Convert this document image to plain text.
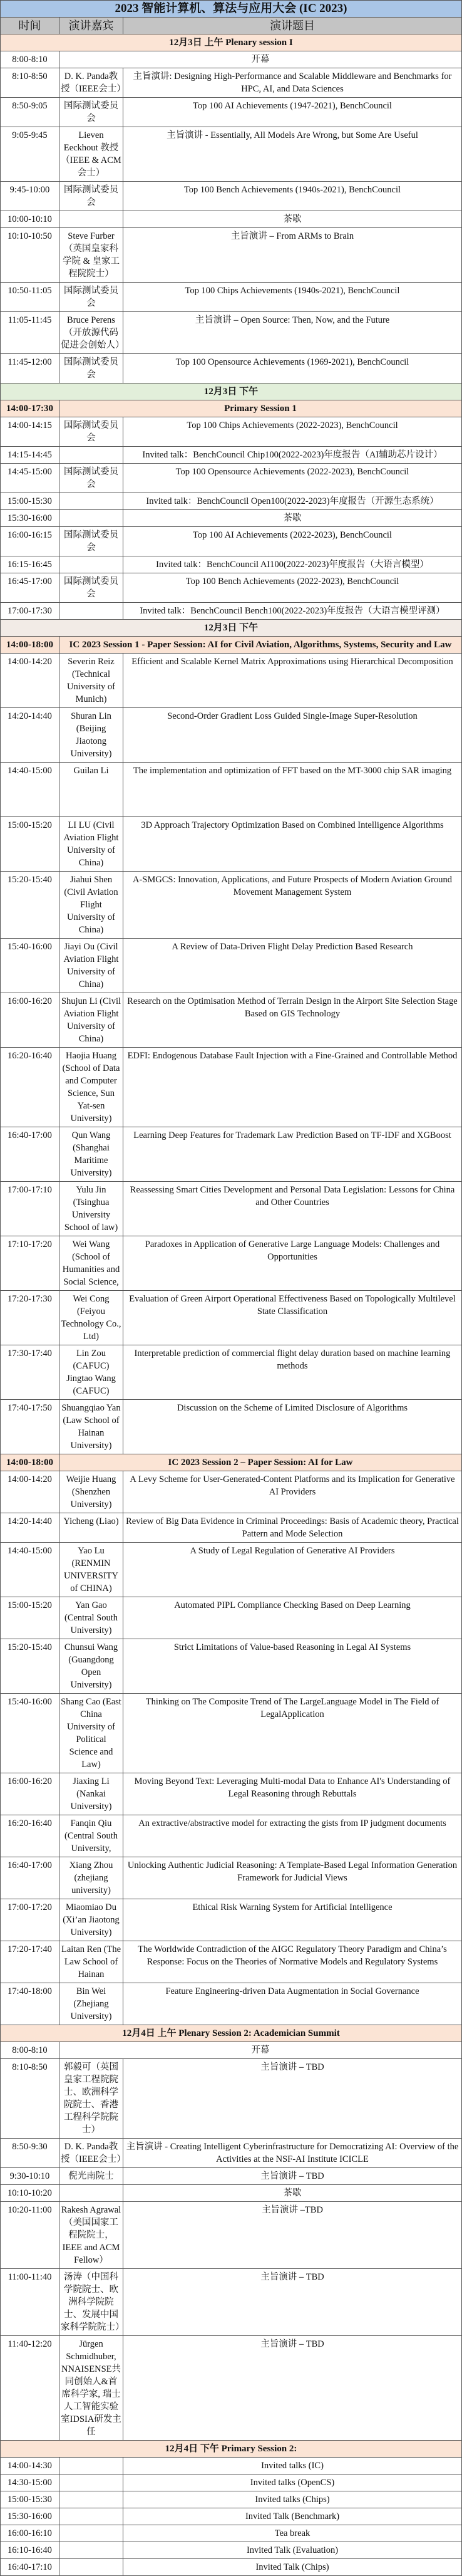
2023 智能计算机、算法与应用大会 (IC 2023)		
时间	演讲嘉宾	演讲题目
12月3日 上午 Plenary session I		
8:00-8:10	开幕	
8:10-8:50	D. K. Panda教授（IEEE会士）	主旨演讲: Designing High-Performance and Scalable Middleware and Benchmarks for HPC, AI, and Data Sciences
8:50-9:05	国际测试委员会	Top 100 AI Achievements (1947-2021), BenchCouncil
9:05-9:45	Lieven Eeckhout 教授（IEEE & ACM会士）	主旨演讲 - Essentially, All Models Are Wrong, but Some Are Useful
9:45-10:00	国际测试委员会	Top 100 Bench Achievements (1940s-2021), BenchCouncil
10:00-10:10		茶歇
10:10-10:50	Steve Furber（英国皇家科学院 & 皇家工程院院士）	主旨演讲 – From ARMs to Brain
10:50-11:05	国际测试委员会	Top 100 Chips Achievements (1940s-2021), BenchCouncil
11:05-11:45	Bruce Perens（开放源代码促进会创始人）	主旨演讲 – Open Source: Then, Now, and the Future
11:45-12:00	国际测试委员会	Top 100 Opensource Achievements (1969-2021), BenchCouncil
12月3日 下午		
14:00-17:30	Primary Session 1	
14:00-14:15	国际测试委员会	Top 100 Chips Achievements (2022-2023), BenchCouncil
14:15-14:45		Invited talk：BenchCouncil Chip100(2022-2023)年度报告（AI辅助芯片设计）
14:45-15:00	国际测试委员会	Top 100 Opensource Achievements (2022-2023), BenchCouncil
15:00-15:30		Invited talk：BenchCouncil Open100(2022-2023)年度报告（开源生态系统）
15:30-16:00		茶歇
16:00-16:15	国际测试委员会	Top 100 AI Achievements (2022-2023), BenchCouncil
16:15-16:45		Invited talk：BenchCouncil AI100(2022-2023)年度报告（大语言模型）
16:45-17:00	国际测试委员会	Top 100 Bench Achievements (2022-2023), BenchCouncil
17:00-17:30		Invited talk：BenchCouncil Bench100(2022-2023)年度报告（大语言模型评测）
12月3日 下午		
14:00-18:00	IC 2023 Session 1 - Paper Session: AI for Civil Aviation, Algorithms, Systems, Security and Law	
14:00-14:20	Severin Reiz (Technical University of Munich)	Efficient and Scalable Kernel Matrix Approximations using Hierarchical Decomposition
14:20-14:40	Shuran Lin (Beijing Jiaotong University)	Second-Order Gradient Loss Guided Single-Image Super-Resolution
14:40-15:00	Guilan Li	The implementation and optimization of FFT based on the MT-3000 chip SAR imaging
15:00-15:20	LI LU (Civil Aviation Flight University of China)	3D Approach Trajectory Optimization Based on Combined Intelligence Algorithms
15:20-15:40	Jiahui Shen (Civil Aviation Flight University of China)	A-SMGCS: Innovation, Applications, and Future Prospects of Modern Aviation Ground Movement Management System
15:40-16:00	Jiayi Ou (Civil Aviation Flight University of China)	A Review of Data-Driven Flight Delay Prediction Based Research
16:00-16:20	Shujun Li (Civil Aviation Flight University of China)	Research on the Optimisation Method of Terrain Design in the Airport Site Selection Stage Based on GIS Technology
16:20-16:40	Haojia Huang (School of Data and Computer Science, Sun Yat-sen University)	EDFI: Endogenous Database Fault Injection with a Fine-Grained and Controllable Method
16:40-17:00	Qun Wang (Shanghai Maritime University)	Learning Deep Features for Trademark Law Prediction Based on TF-IDF and XGBoost
17:00-17:10	Yulu Jin (Tsinghua University School of law)	Reassessing Smart Cities Development and Personal Data Legislation: Lessons for China and Other Countries
17:10-17:20	Wei Wang (School of Humanities and Social Science,	Paradoxes in Application of Generative Large Language Models: Challenges and Opportunities
17:20-17:30	Wei Cong (Feiyou Technology Co., Ltd)	Evaluation of Green Airport Operational Effectiveness Based on Topologically Multilevel State Classification
17:30-17:40	Lin Zou (CAFUC) Jingtao Wang (CAFUC)	Interpretable prediction of commercial flight delay duration based on machine learning methods
17:40-17:50	Shuangqiao Yan (Law School of Hainan University)	Discussion on the Scheme of Limited Disclosure of Algorithms
14:00-18:00	IC 2023 Session 2 – Paper Session: AI for Law	
14:00-14:20	Weijie Huang (Shenzhen University)	A Levy Scheme for User-Generated-Content Platforms and its Implication for Generative AI Providers
14:20-14:40	Yicheng (Liao)	Review of Big Data Evidence in Criminal Proceedings: Basis of Academic theory, Practical Pattern and Mode Selection
14:40-15:00	Yao Lu (RENMIN UNIVERSITY of CHINA)	A Study of Legal Regulation of Generative AI Providers
15:00-15:20	Yan Gao (Central South University)	Automated PIPL Compliance Checking Based on Deep Learning
15:20-15:40	Chunsui Wang (Guangdong Open University)	Strict Limitations of Value-based Reasoning in Legal AI Systems
15:40-16:00	Shang Cao (East China University of Political Science and Law)	Thinking on The Composite Trend of The LargeLanguage Model in The Field of LegalApplication
16:00-16:20	Jiaxing Li (Nankai University)	Moving Beyond Text: Leveraging Multi-modal Data to Enhance AI's Understanding of Legal Reasoning through Rebuttals
16:20-16:40	Fanqin Qiu (Central South University,	An extractive/abstractive model for extracting the gists from IP judgment documents
16:40-17:00	Xiang Zhou (zhejiang university)	Unlocking Authentic Judicial Reasoning: A Template-Based Legal Information Generation Framework for Judicial Views
17:00-17:20	Miaomiao Du (Xi’an Jiaotong University)	Ethical Risk Warning System for Artificial Intelligence
17:20-17:40	Laitan Ren (The Law School of Hainan	The Worldwide Contradiction of the AIGC Regulatory Theory Paradigm and China’s Response: Focus on the Theories of Normative Models and Regulatory Systems
17:40-18:00	Bin Wei (Zhejiang University)	Feature Engineering-driven Data Augmentation in Social Governance
12月4日 上午 Plenary Session 2: Academician Summit		
8:00-8:10	开幕	
8:10-8:50	郭毅可（英国皇家工程院院士、欧洲科学院院士、香港工程科学院院士）	主旨演讲 – TBD
8:50-9:30	D. K. Panda教授（IEEE会士）	主旨演讲 - Creating Intelligent Cyberinfrastructure for Democratizing AI: Overview of the Activities at the NSF-AI Institute ICICLE
9:30-10:10	倪光南院士	主旨演讲 – TBD
10:10-10:20		茶歇
10:20-11:00	Rakesh Agrawal（美国国家工程院院士，IEEE and ACM Fellow）	主旨演讲 –TBD
11:00-11:40	汤涛（中国科学院院士、欧洲科学院院士、发展中国家科学院院士）	主旨演讲 – TBD
11:40-12:20	Jürgen Schmidhuber, NNAISENSE共同创始人&首席科学家, 瑞士人工智能实验室IDSIA研发主任	主旨演讲 – TBD
12月4日 下午 Primary Session 2:		
14:00-14:30		Invited talks (IC)
14:30-15:00		Invited talks (OpenCS)
15:00-15:30		Invited talks (Chips)
15:30-16:00		Invited Talk (Benchmark)
16:00-16:10		Tea break
16:10-16:40		Invited Talk (Evaluation)
16:40-17:10		Invited Talk (Chips)
